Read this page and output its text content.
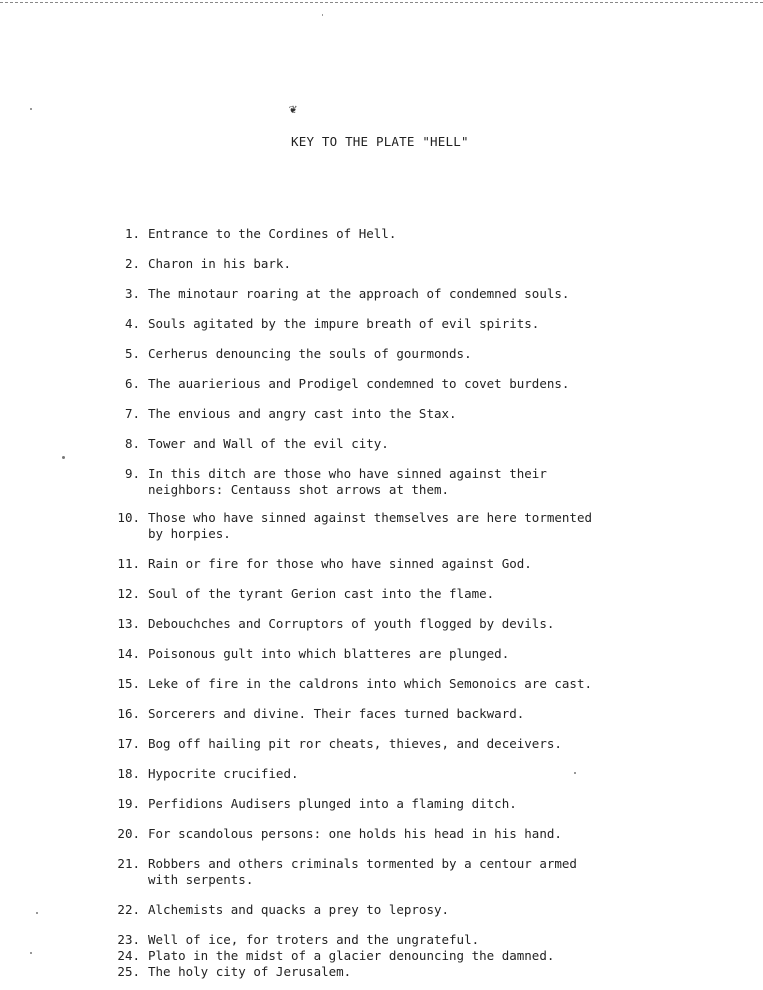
❦
KEY TO THE PLATE "HELL"
1. Entrance to the Cordines of Hell.
2. Charon in his bark.
3. The minotaur roaring at the approach of condemned souls.
4. Souls agitated by the impure breath of evil spirits.
5. Cerherus denouncing the souls of gourmonds.
6. The auarierious and Prodigel condemned to covet burdens.
7. The envious and angry cast into the Stax.
8. Tower and Wall of the evil city.
9. In this ditch are those who have sinned against their
neighbors: Centauss shot arrows at them.
10. Those who have sinned against themselves are here tormented
by horpies.
11. Rain or fire for those who have sinned against God.
12. Soul of the tyrant Gerion cast into the flame.
13. Debouchches and Corruptors of youth flogged by devils.
14. Poisonous gult into which blatteres are plunged.
15. Leke of fire in the caldrons into which Semonoics are cast.
16. Sorcerers and divine. Their faces turned backward.
17. Bog off hailing pit ror cheats, thieves, and deceivers.
18. Hypocrite crucified.
19. Perfidions Audisers plunged into a flaming ditch.
20. For scandolous persons: one holds his head in his hand.
21. Robbers and others criminals tormented by a centour armed
with serpents.
22. Alchemists and quacks a prey to leprosy.
23. Well of ice, for troters and the ungrateful.
24. Plato in the midst of a glacier denouncing the damned.
25. The holy city of Jerusalem.
